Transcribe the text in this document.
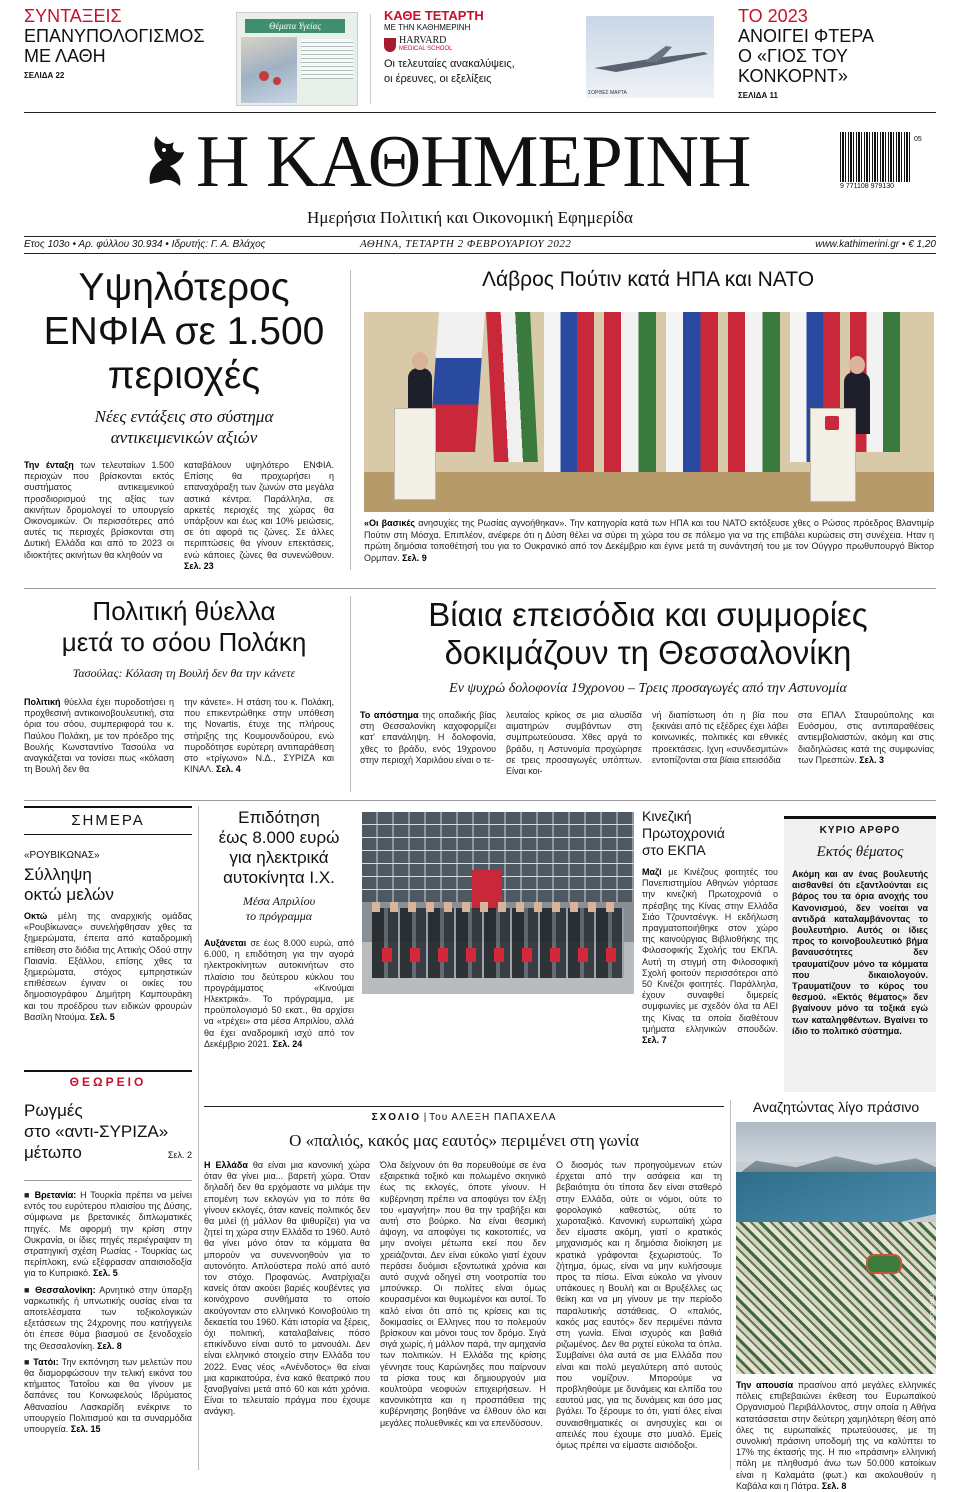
ΣΥΝΤΑΞΕΙΣ
ΕΠΑΝΥΠΟΛΟΓΙΣΜΟΣ
ΜΕ ΛΑΘΗ
ΣΕΛΙΔΑ 22
Θέματα Υγείας
ΚΑΘΕ ΤΕΤΑΡΤΗ
ΜΕ ΤΗΝ ΚΑΘΗΜΕΡΙΝΗ
HARVARD
MEDICAL SCHOOL
Οι τελευταίες ανακαλύψεις,
οι έρευνες, οι εξελίξεις
ΣΟΡΘΕΣ ΜΑΡΤΑ
ΤΟ 2023
ΑΝΟΙΓΕΙ ΦΤΕΡΑ
Ο «ΓΙΟΣ ΤΟΥ ΚΟΝΚΟΡΝΤ»
ΣΕΛΙΔΑ 11
Η ΚΑΘΗΜΕΡΙΝΗ
Ημερήσια Πολιτική και Οικονομική Εφημερίδα
9 771108 979130
05
Ετος 103ο • Αρ. φύλλου 30.934 • Ιδρυτής: Γ. Α. Βλάχος	ΑΘΗΝΑ, ΤΕΤΑΡΤΗ 2 ΦΕΒΡΟΥΑΡΙΟΥ 2022	www.kathimerini.gr • € 1,20
Υψηλότερος
ΕΝΦΙΑ σε 1.500
περιοχές
Νέες εντάξεις στο σύστημα
αντικειμενικών αξιών
Την ένταξη των τελευταίων 1.500 περιοχών που βρίσκονται εκτός συστήματος αντικειμενικού προσδιορισμού της αξίας των ακινήτων δρομολογεί το υπουργείο Οικονομικών. Οι περισσότερες από αυτές τις περιοχές βρίσκονται στη Δυτική Ελλάδα και από το 2023 οι ιδιοκτήτες ακινήτων θα κληθούν να
καταβάλουν υψηλότερο ΕΝΦΙΑ. Επίσης θα προχωρήσει η επαναχάραξη των ζωνών στα μεγάλα αστικά κέντρα. Παράλληλα, σε αρκετές περιοχές της χώρας θα υπάρξουν και έως και 10% μειώσεις, σε ότι αφορά τις ζώνες. Σε άλλες περιπτώσεις θα γίνουν επεκτάσεις, ενώ κάποιες ζώνες θα συνενώθουν. Σελ. 23
Λάβρος Πούτιν κατά ΗΠΑ και ΝΑΤΟ
«Οι βασικές ανησυχίες της Ρωσίας αγνοήθηκαν». Την κατηγορία κατά των ΗΠΑ και του ΝΑΤΟ εκτόξευσε χθες ο Ρώσος πρόεδρος Βλαντιμίρ Πούτιν στη Μόσχα. Επιπλέον, ανέφερε ότι η Δύση θέλει να σύρει τη χώρα του σε πόλεμο για να της επιβάλει κυρώσεις στη συνέχεια. Ηταν η πρώτη δημόσια τοποθέτησή του για το Ουκρανικό από τον Δεκέμβριο και έγινε μετά τη συνάντησή του με τον Ούγγρο πρωθυπουργό Βίκτορ Ορμπαν. Σελ. 9
Πολιτική θύελλα
μετά το σόου Πολάκη
Τασούλας: Κόλαση τη Βουλή δεν θα την κάνετε
Πολιτική θύελλα έχει πυροδοτήσει η προχθεσινή αντικοινοβουλευτική, στα όρια του σόου, συμπεριφορά του κ. Παύλου Πολάκη, με τον πρόεδρο της Βουλής Κωνσταντίνο Τασούλα να αναγκάζεται να τονίσει πως «κόλαση τη Βουλή δεν θα
την κάνετε». Η στάση του κ. Πολάκη, που επικεντρώθηκε στην υπόθεση της Novartis, έτυχε της πλήρους στήριξης της Κουμουνδούρου, ενώ πυροδότησε ευρύτερη αντιπαράθεση στο «τρίγωνο» Ν.Δ., ΣΥΡΙΖΑ και ΚΙΝΑΛ. Σελ. 4
Βίαια επεισόδια και συμμορίες
δοκιμάζουν τη Θεσσαλονίκη
Εν ψυχρώ δολοφονία 19χρονου – Τρεις προσαγωγές από την Αστυνομία
Το απόστημα της οπαδικής βίας στη Θεσσαλονίκη καχοφορμίζει κατ' επανάληψη. Η δολοφονία, χθες το βράδυ, ενός 19χρονου στην περιοχή Χαριλάου είναι ο τε-
λευταίος κρίκος σε μια αλυσίδα αιματηρών συμβάντων στη συμπρωτεύουσα. Χθες αργά το βράδυ, η Αστυνομία προχώρησε σε τρεις προσαγωγές υπόπτων. Είναι κοι-
νή διαπίστωση ότι η βία που ξεκινάει από τις εξέδρες έχει λάβει κοινωνικές, πολιτικές και εθνικές προεκτάσεις. Ιχνη «συνδεσμιτών» εντοπίζονται στα βίαια επεισόδια
στα ΕΠΑΛ Σταυρούπολης και Ευόσμου, στις αντιπαραθέσεις αντιεμβολιαστών, ακόμη και στις διαδηλώσεις κατά της συμφωνίας των Πρεσπών. Σελ. 3
ΣΗΜΕΡΑ
«ΡΟΥΒΙΚΩΝΑΣ»
Σύλληψη
οκτώ μελών
Οκτώ μέλη της αναρχικής ομάδας «Ρουβίκωνας» συνελήφθησαν χθες τα ξημερώματα, έπειτα από καταδρομική επίθεση στο διόδια της Αττικής Οδού στην Παιανία. Εξάλλου, επίσης χθες τα ξημερώματα, στόχος εμπρηστικών επιθέσεων έγιναν οι οικίες του δημοσιογράφου Δημήτρη Καμπουράκη και του προέδρου των ειδικών φρουρών Βασίλη Ντούμα. Σελ. 5
ΘΕΩΡΕΙΟ
Ρωγμές
στο «αντι-ΣΥΡΙΖΑ»
μέτωπο	Σελ. 2
■ Βρετανία: Η Τουρκία πρέπει να μείνει εντός του ευρύτερου πλαισίου της Δύσης, σύμφωνα με βρετανικές διπλωματικές πηγές. Με αφορμή την κρίση στην Ουκρανία, οι ίδιες πηγές περιέγραψαν τη στρατηγική σχέση Ρωσίας - Τουρκίας ως περίπλοκη, ενώ εξέφρασαν απαισιοδοξία για το Κυπριακό. Σελ. 5
■ Θεσσαλονίκη: Αρνητικό στην ύπαρξη ναρκωτικής ή υπνωτικής ουσίας είναι τα αποτελέσματα των τοξικολογικών εξετάσεων της 24χρονης που κατήγγειλε ότι έπεσε θύμα βιασμού σε ξενοδοχείο της Θεσσαλονίκη. Σελ. 8
■ Τατόι: Την εκπόνηση των μελετών που θα διαμορφώσουν την τελική εικόνα του κτήματος Τατοΐου και θα γίνουν με δαπάνες του Κοινωφελούς Ιδρύματος Αθανασίου Λασκαρίδη ενέκρινε το υπουργείο Πολιτισμού και τα συναρμόδια υπουργεία. Σελ. 15
Επιδότηση
έως 8.000 ευρώ
για ηλεκτρικά
αυτοκίνητα Ι.Χ.
Μέσα Απριλίου
το πρόγραμμα
Αυξάνεται σε έως 8.000 ευρώ, από 6.000, η επιδότηση για την αγορά ηλεκτροκίνητων αυτοκινήτων στο πλαίσιο του δεύτερου κύκλου του προγράμματος «Κινούμαι Ηλεκτρικά». Το πρόγραμμα, με προϋπολογισμό 50 εκατ., θα αρχίσει να «τρέχει» στα μέσα Απριλίου, αλλά θα έχει αναδρομική ισχύ από τον Δεκέμβριο 2021. Σελ. 24
Κινεζική
Πρωτοχρονιά
στο ΕΚΠΑ
Μαζί με Κινέζους φοιτητές του Πανεπιστημίου Αθηνών γιόρτασε την κινεζική Πρωτοχρονιά ο πρέσβης της Κίνας στην Ελλάδα Σιάο Τζουντσένγκ. Η εκδήλωση πραγματοποιήθηκε στον χώρο της καινούργιας Βιβλιοθήκης της Φιλοσοφικής Σχολής του ΕΚΠΑ. Αυτή τη στιγμή στη Φιλοσοφική Σχολή φοιτούν περισσότεροι από 50 Κινέζοι φοιτητές. Παράλληλα, έχουν συναφθεί διμερείς συμφωνίες με σχεδόν όλα τα ΑΕΙ της Κίνας τα οποία διαθέτουν τμήματα ελληνικών σπουδών. Σελ. 7
ΚΥΡΙΟ ΑΡΘΡΟ
Εκτός θέματος
Ακόμη και αν ένας βουλευτής αισθανθεί ότι εξαντλούνται εις βάρος του τα όρια ανοχής του Κανονισμού, δεν νοείται να αντιδρά καταλαμβάνοντας το βουλευτήριο. Αυτός οι ίδιες προς το κοινοβουλευτικό βήμα βαναυσότητες δεν τραυματίζουν μόνο τα κόμματα που δικαιολογούν. Τραυματίζουν το κύρος του θεσμού. «Εκτός θέματος» δεν βγαίνουν μόνο τα τοξικά εγώ των καταληφθέντων. Βγαίνει το ίδιο το πολιτικό σύστημα.
ΣΧΟΛΙΟ | Του ΑΛΕΞΗ ΠΑΠΑΧΕΛΑ
Ο «παλιός, κακός μας εαυτός» περιμένει στη γωνία
Η Ελλάδα θα είναι μια κανονική χώρα όταν θα γίνει μια... βαρετή χώρα. Όταν δηλαδή δεν θα ερχόμαστε να μιλάμε την επομένη των εκλογών για το πότε θα γίνουν εκλογές, όταν κανείς πολιτικός δεν θα μιλεί (ή μάλλον θα ψιθυρίζει) για να ζητεί τη χώρα στην Ελλάδα το 1960. Αυτό θα γίνει μόνο όταν τα κόμματα θα μπορούν να συνεννοηθούν για το αυτονόητο. Απλούστερα πολύ από αυτό τον στόχο. Προφανώς. Ανατρίχιαζει κανείς όταν ακούει βαριές κουβέντες για κοινόχρονο συνθήματα το οποίο ακούγονταν στο ελληνικό Κοινοβούλιο τη δεκαετία του 1960. Κάτι ιστορία να ξέρεις, όχι πολιτική, καταλαβαίνεις πόσο επικίνδυνο είναι αυτό το μανουάλι. Δεν είναι ελληνικό στοιχείο στην Ελλάδα του 2022. Ενας νέος «Ανένδοτος» θα είναι μια καρικατούρα, ένα κακό θεατρικό που ξαναβγαίνει μετά από 60 και κάτι χρόνια. Είναι το τελευταίο πράγμα που έχουμε ανάγκη.
Όλα δείχνουν ότι θα πορευθούμε σε ένα εξαιρετικά τοξικό και πολωμένο σκηνικό έως τις εκλογές, όποτε γίνουν. Η κυβέρνηση πρέπει να αποφύγει τον έλξη του «μαγνήτη» που θα την τραβήξει και αυτή στο βούρκο. Να είναι θεσμική άψογη, να αποφύγει τις κακοτοπιές, να μην ανοίγει μέτωπα εκεί που δεν χρειάζονται. Δεν είναι εύκολο γιατί έχουν περάσει δυόμισι εξοντωτικά χρόνια και αυτό συχνά οδηγεί στη νοοτροπία του μπούνκερ. Οι πολίτες είναι όμως κουρασμένοι και θυμωμένοι και αυτοί. Το καλό είναι ότι από τις κρίσεις και τις δοκιμασίες οι Ελληνες που το πολεμούν βρίσκουν και μόνοι τους τον δρόμο. Σιγά σιγά χωρίς, ή μάλλον παρά, την αμηχανία των πολιτικών. Η Ελλάδα της κρίσης γέννησε τους Καρώνηδες που παίρνουν τα ρίσκα τους και δημιουργούν μια κουλτούρα νεοφυών επιχειρήσεων. Η κανονικότητα και η προσπάθεια της κυβέρνησης βοηθάνε να έλθουν όλο και μεγάλες πολυεθνικές και να επενδύσουν.
Ο διοσμός των προηγούμενων ετών έρχεται από την ασάφεια και τη βεβαιότητα ότι τίποτα δεν είναι σταθερό στην Ελλάδα, ούτε οι νόμοι, ούτε το φορολογικό καθεστώς, ούτε το χωροταξικό. Κανονική ευρωπαϊκή χώρα δεν είμαστε ακόμη, γιατί ο κρατικός μηχανισμός και η δημόσια διοίκηση με κρατικά γράφονται ξεχωριστούς. Το ζήτημα, όμως, είναι να μην κυλήσουμε προς τα πίσω. Είναι εύκολο να γίνουν υπάκουες η Βουλή και οι Βρυξέλλες ως θείκη και να μη γίνουν με την περίοδο παραλυτικής αστάθειας. Ο «παλιός, κακός μας εαυτός» δεν περιμένει πάντα στη γωνία. Είναι ισχυρός και βαθιά ριζωμένος. Δεν θα ριχτεί εύκολα τα όπλα. Συμβαίνει όλα αυτά σε μια Ελλάδα που είναι και πολύ μεγαλύτερη από αυτούς που νομίζουν. Μπορούμε να προβληθούμε με δυνάμεις και ελπίδα του εαυτού μας, για τις δυνάμεις και όσο μας βγάλει. Το ξέρουμε το ότι, γιατί όλες είναι συναισθηματικές οι ανησυχίες και οι απειλές που έχουμε στο μυαλό. Εμείς όμως πρέπει να είμαστε αισιόδοξοι.
Αναζητώντας λίγο πράσινο
SHUTTERSTOCK
Την απουσία πρασίνου από μεγάλες ελληνικές πόλεις επιβεβαιώνει έκθεση του Ευρωπαϊκού Οργανισμού Περιβάλλοντος, στην οποία η Αθήνα κατατάσσεται στην δεύτερη χαμηλότερη θέση από όλες τις ευρωπαϊκές πρωτεύουσες, με τη συνολική πράσινη υποδομή της να καλύπτει το 17% της έκτασής της. Η πιο «πράσινη» ελληνική πόλη με πληθυσμό άνω των 50.000 κατοίκων είναι η Καλαμάτα (φωτ.) και ακολουθούν η Καβάλα και η Πάτρα. Σελ. 8
